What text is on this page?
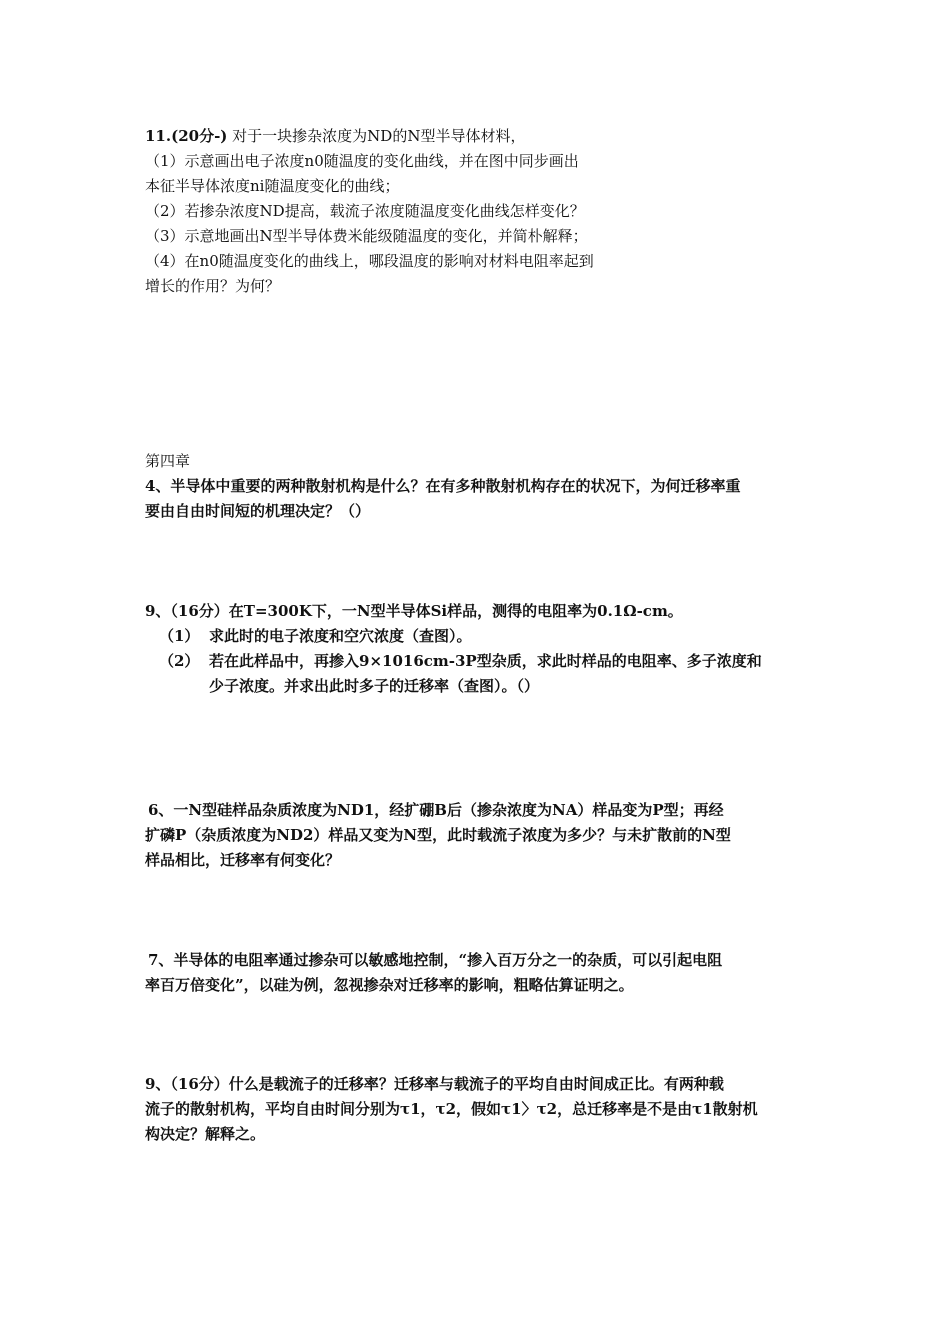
11.(20分-) 对于一块掺杂浓度为ND的N型半导体材料，
（1）示意画出电子浓度n0随温度的变化曲线，并在图中同步画出
本征半导体浓度ni随温度变化的曲线；
（2）若掺杂浓度ND提高，载流子浓度随温度变化曲线怎样变化？
（3）示意地画出N型半导体费米能级随温度的变化，并简朴解释；
（4）在n0随温度变化的曲线上，哪段温度的影响对材料电阻率起到
增长的作用？为何？
第四章
4、半导体中重要的两种散射机构是什么？在有多种散射机构存在的状况下，为何迁移率重
要由自由时间短的机理决定？（）
9、（16分）在T=300K下，一N型半导体Si样品，测得的电阻率为0.1Ω-cm。
（1） 求此时的电子浓度和空穴浓度（查图）。
（2） 若在此样品中，再掺入9×1016cm-3P型杂质，求此时样品的电阻率、多子浓度和
少子浓度。并求出此时多子的迁移率（查图）。（）
6、一N型硅样品杂质浓度为ND1，经扩硼B后（掺杂浓度为NA）样品变为P型；再经
扩磷P（杂质浓度为ND2）样品又变为N型，此时载流子浓度为多少？与未扩散前的N型
样品相比，迁移率有何变化？
7、半导体的电阻率通过掺杂可以敏感地控制，“掺入百万分之一的杂质，可以引起电阻
率百万倍变化”，以硅为例，忽视掺杂对迁移率的影响，粗略估算证明之。
9、（16分）什么是载流子的迁移率？迁移率与载流子的平均自由时间成正比。有两种载
流子的散射机构，平均自由时间分别为τ1，τ2，假如τ1〉τ2，总迁移率是不是由τ1散射机
构决定？解释之。
